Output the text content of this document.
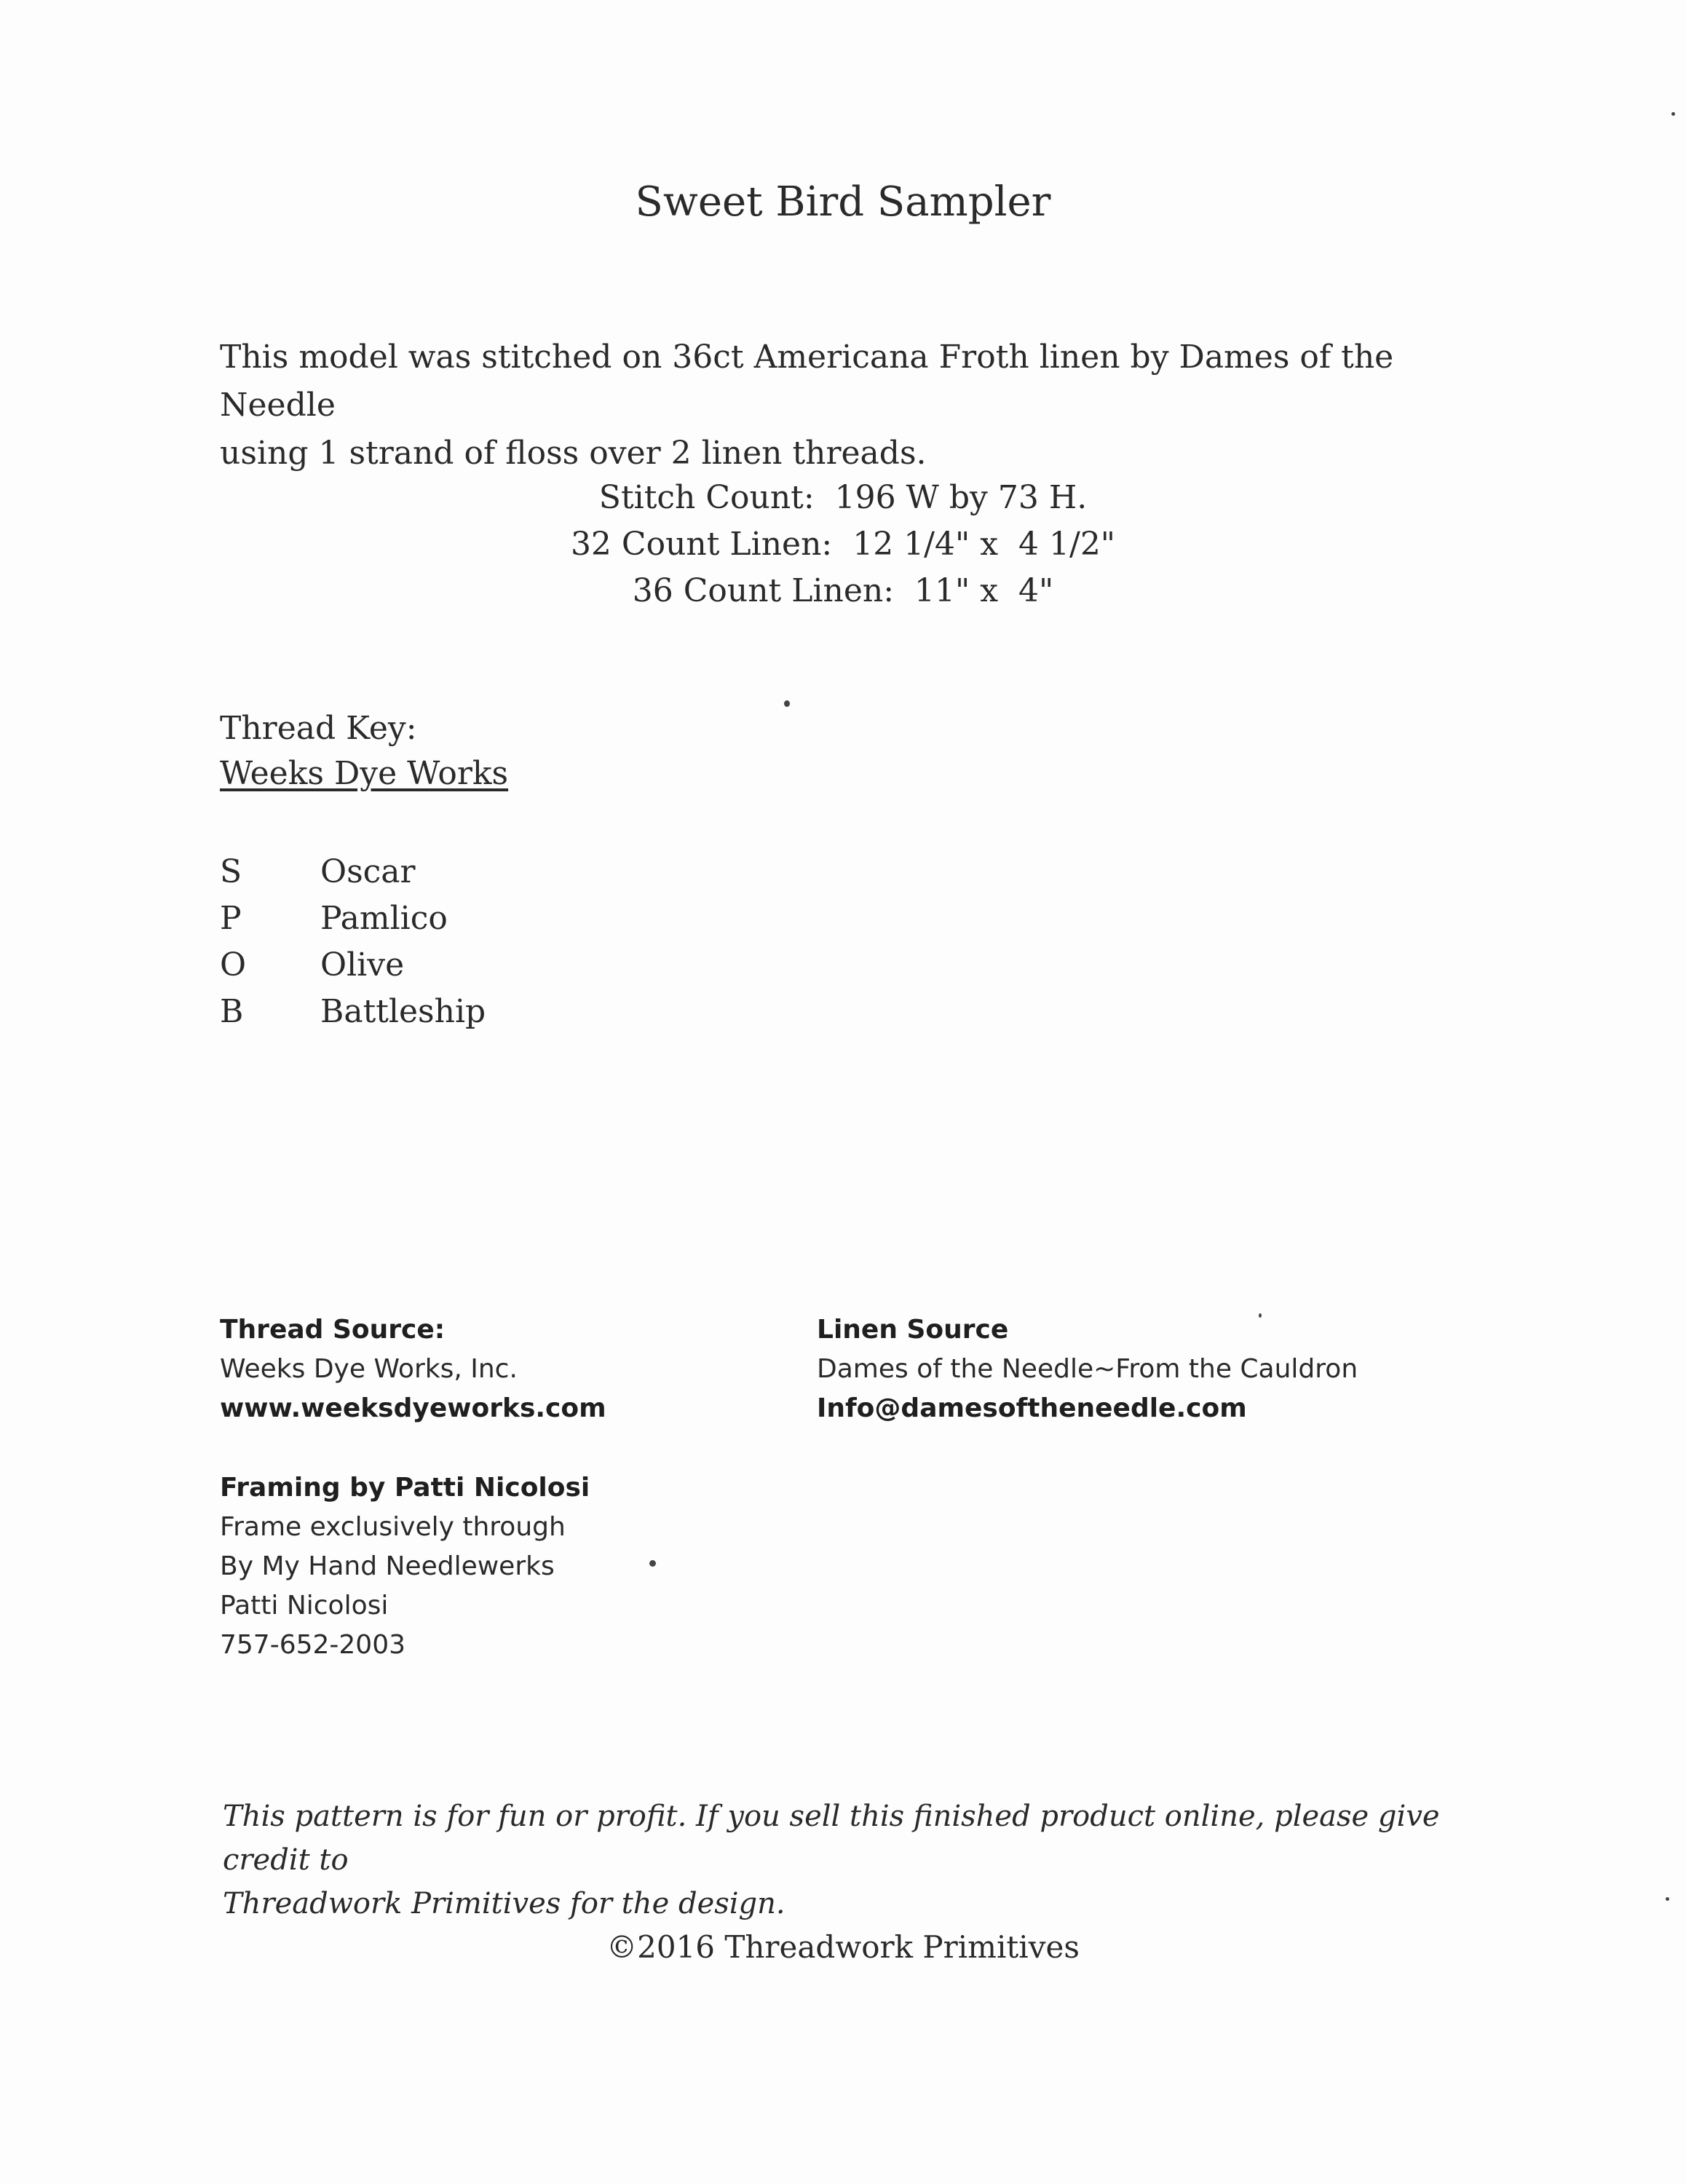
Sweet Bird Sampler
This model was stitched on 36ct Americana Froth linen by Dames of the Needle
using 1 strand of floss over 2 linen threads.
Stitch Count:  196 W by 73 H.
32 Count Linen:  12 1/4" x  4 1/2"
36 Count Linen:  11" x  4"
Thread Key:
Weeks Dye Works
S	Oscar
P	Pamlico
O	Olive
B	Battleship
Thread Source:
Weeks Dye Works, Inc.
www.weeksdyeworks.com
Linen Source
Dames of the Needle~From the Cauldron
Info@damesoftheneedle.com
Framing by Patti Nicolosi
Frame exclusively through
By My Hand Needlewerks
Patti Nicolosi
757-652-2003
This pattern is for fun or profit. If you sell this finished product online, please give credit to
Threadwork Primitives for the design.
©2016 Threadwork Primitives
